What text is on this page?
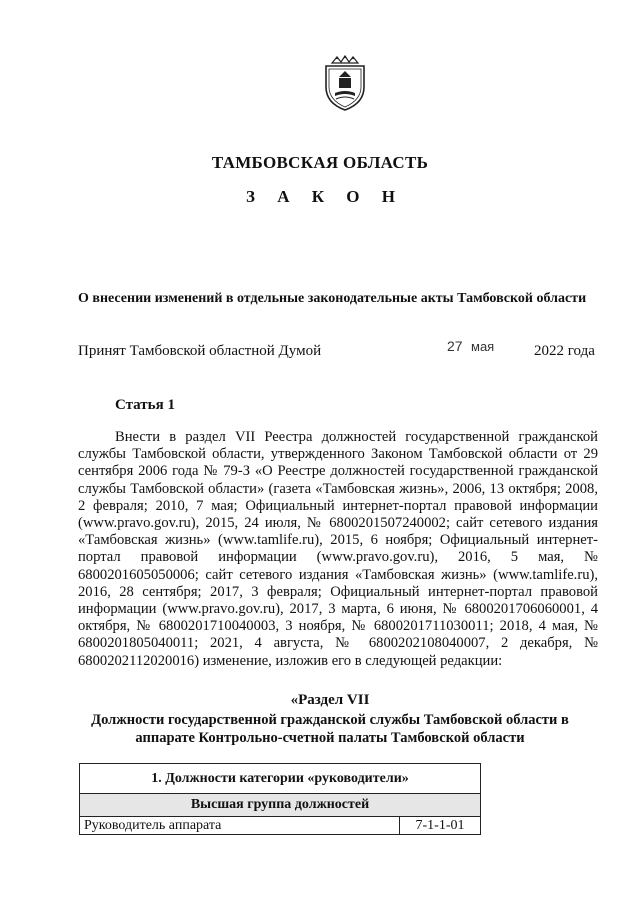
ТАМБОВСКАЯ ОБЛАСТЬ
З А К О Н
О внесении изменений в отдельные законодательные акты Тамбовской области
Принят Тамбовской областной Думой	27 мая	2022 года
Статья 1

Внести в раздел VII Реестра должностей государственной гражданской службы Тамбовской области, утвержденного Законом Тамбовской области от 29 сентября 2006 года № 79-З «О Реестре должностей государственной гражданской службы Тамбовской области» (газета «Тамбовская жизнь», 2006, 13 октября; 2008, 2 февраля; 2010, 7 мая; Официальный интернет-портал правовой информации (www.pravo.gov.ru), 2015, 24 июля, № 6800201507240002; сайт сетевого издания «Тамбовская жизнь» (www.tamlife.ru), 2015, 6 ноября; Официальный интернет-портал правовой информации (www.pravo.gov.ru), 2016, 5 мая, № 6800201605050006; сайт сетевого издания «Тамбовская жизнь» (www.tamlife.ru), 2016, 28 сентября; 2017, 3 февраля; Официальный интернет-портал правовой информации (www.pravo.gov.ru), 2017, 3 марта, 6 июня, № 6800201706060001, 4 октября, № 6800201710040003, 3 ноября, № 6800201711030011; 2018, 4 мая, № 6800201805040011; 2021, 4 августа, № 6800202108040007, 2 декабря, № 6800202112020016) изменение, изложив его в следующей редакции:

«Раздел VII
Должности государственной гражданской службы Тамбовской области в аппарате Контрольно-счетной палаты Тамбовской области
1. Должности категории «руководители»
Высшая группа должностей
Руководитель аппарата	7-1-1-01
